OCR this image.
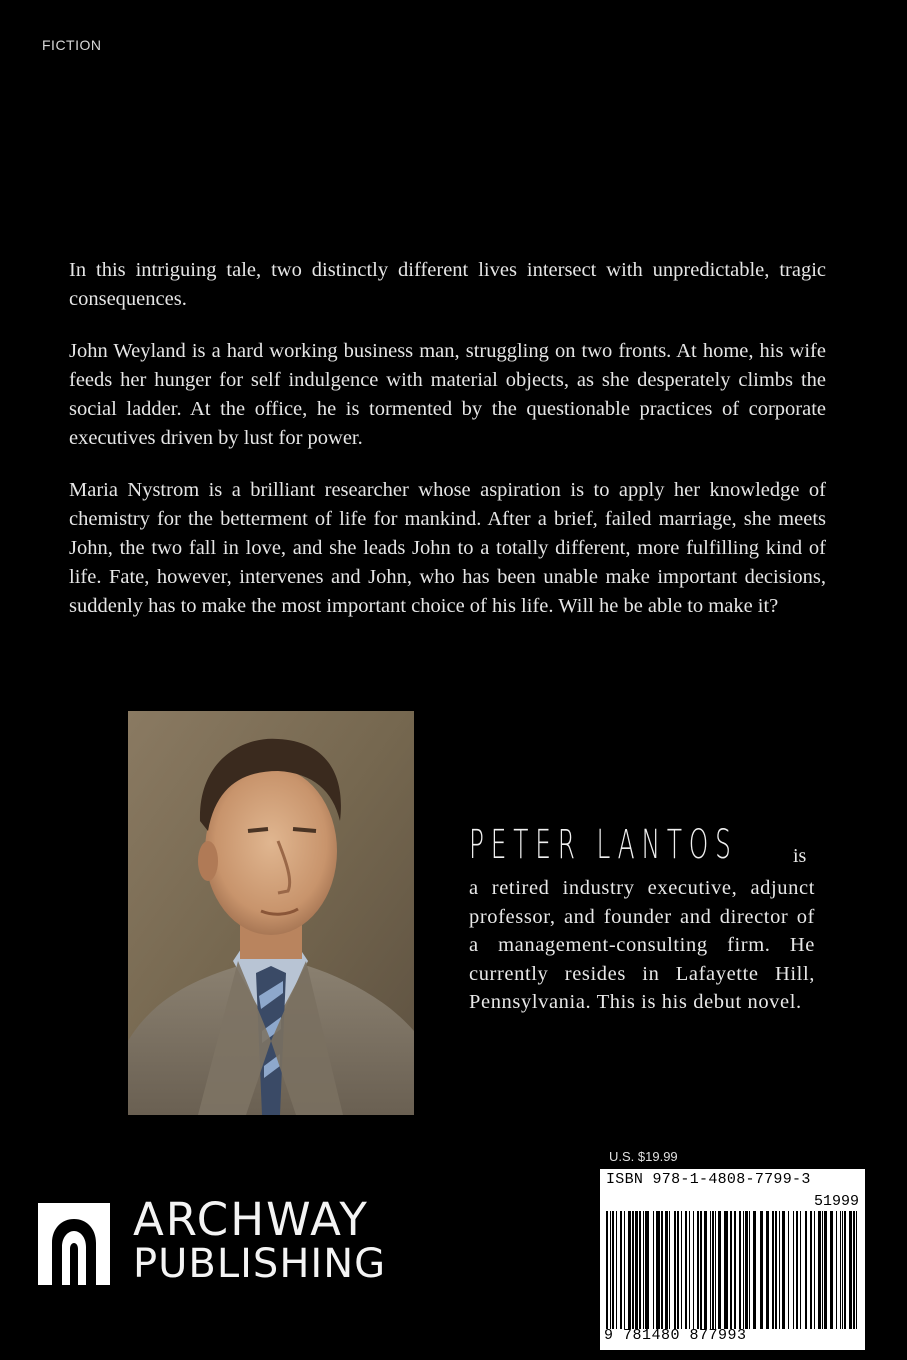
FICTION

In this intriguing tale, two distinctly different lives intersect with unpredictable, tragic consequences.

John Weyland is a hard working business man, struggling on two fronts. At home, his wife feeds her hunger for self indulgence with material objects, as she desperately climbs the social ladder. At the office, he is tormented by the questionable practices of corporate executives driven by lust for power.

Maria Nystrom is a brilliant researcher whose aspiration is to apply her knowledge of chemistry for the betterment of life for mankind. After a brief, failed marriage, she meets John, the two fall in love, and she leads John to a totally different, more fulfilling kind of life. Fate, however, intervenes and John, who has been unable make important decisions, suddenly has to make the most important choice of his life. Will he be able to make it?

PETER LANTOS	is
a retired industry executive, adjunct professor, and founder and director of a management-consulting firm. He currently resides in Lafayette Hill, Pennsylvania. This is his debut novel.
U.S. $19.99
ISBN 978-1-4808-7799-3
51999
9 781480 877993
ARCHWAY
PUBLISHING
